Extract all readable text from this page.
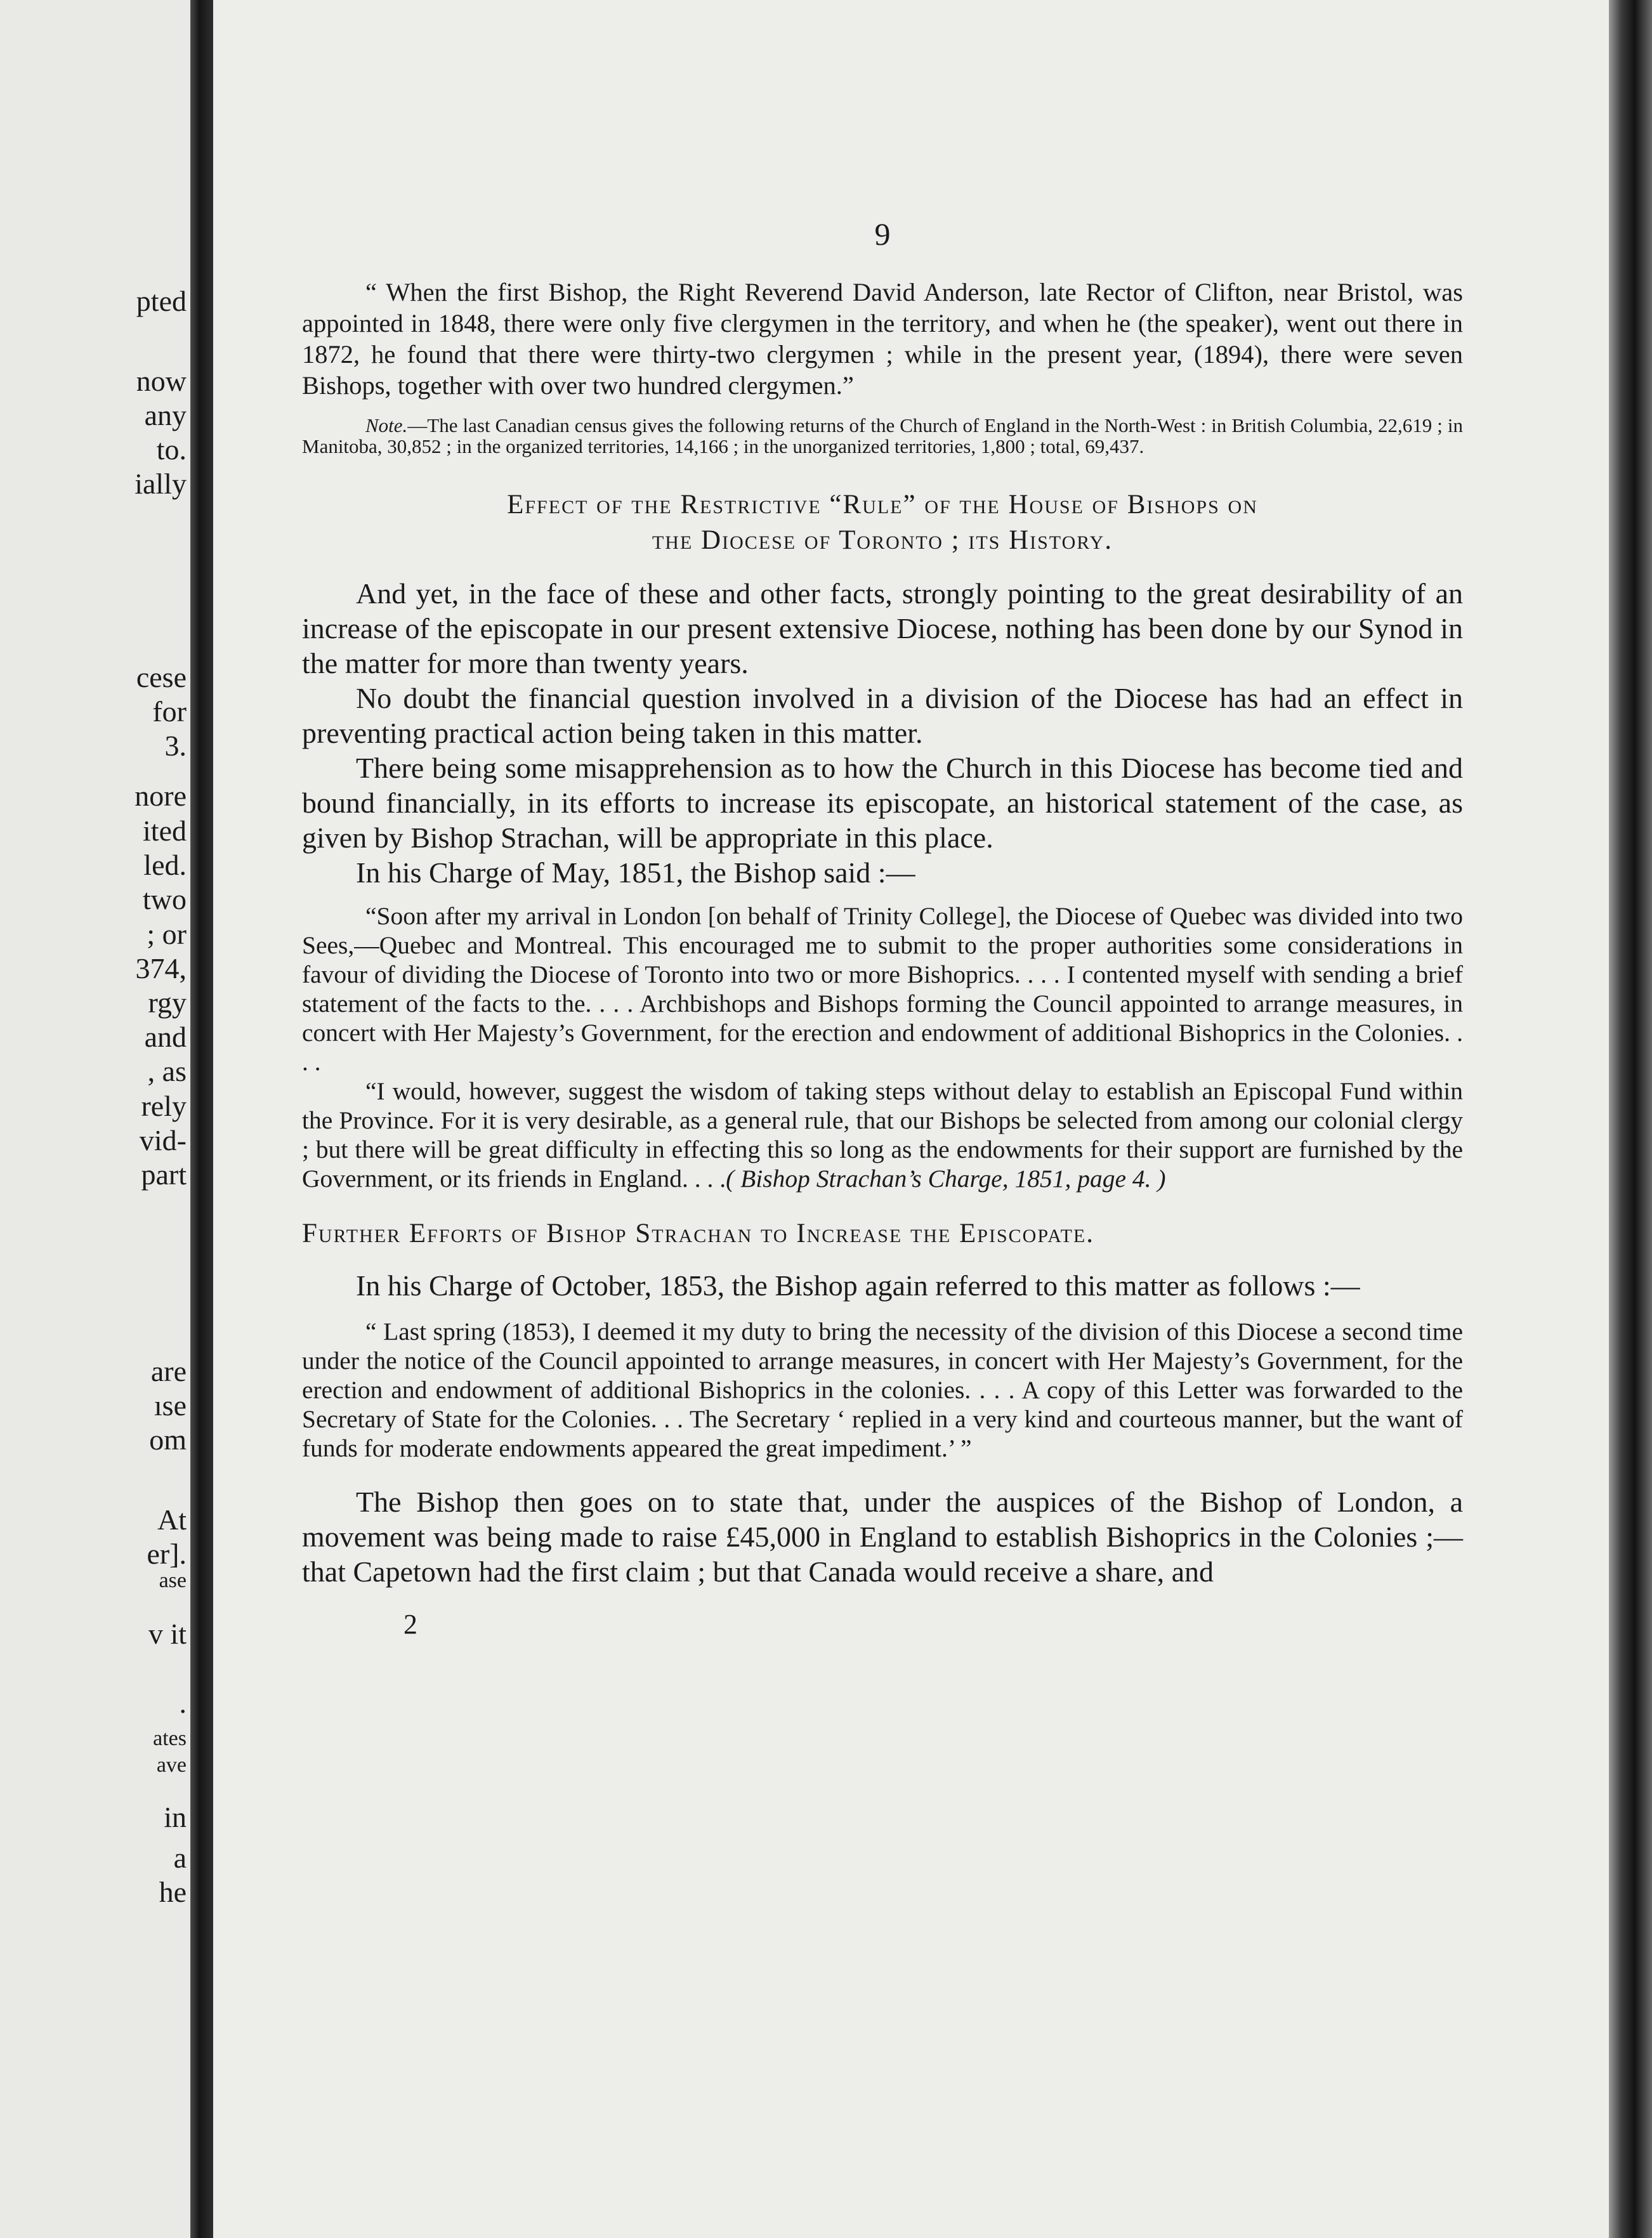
pted
now
any
to.
ially
cese
for
3.
nore
ited
led.
two
; or
374,
rgy
and
, as
rely
vid-
part
are
ıse
om
At
er].
ase
v it
.
ates
ave
in
a
he
9

“ When the first Bishop, the Right Reverend David Anderson, late Rector of Clifton, near Bristol, was appointed in 1848, there were only five clergymen in the territory, and when he (the speaker), went out there in 1872, he found that there were thirty-two clergymen ; while in the present year, (1894), there were seven Bishops, together with over two hundred clergymen.”

Note.—The last Canadian census gives the following returns of the Church of England in the North-West : in British Columbia, 22,619 ; in Manitoba, 30,852 ; in the organized territories, 14,166 ; in the unorganized territories, 1,800 ; total, 69,437.

Effect of the Restrictive “Rule” of the House of Bishops on
the Diocese of Toronto ; its History.

And yet, in the face of these and other facts, strongly pointing to the great desirability of an increase of the episcopate in our present extensive Diocese, nothing has been done by our Synod in the matter for more than twenty years.

No doubt the financial question involved in a division of the Diocese has had an effect in preventing practical action being taken in this matter.

There being some misapprehension as to how the Church in this Diocese has become tied and bound financially, in its efforts to increase its episcopate, an historical statement of the case, as given by Bishop Strachan, will be appropriate in this place.

In his Charge of May, 1851, the Bishop said :—

“Soon after my arrival in London [on behalf of Trinity College], the Diocese of Quebec was divided into two Sees,—Quebec and Montreal. This encouraged me to submit to the proper authorities some considerations in favour of dividing the Diocese of Toronto into two or more Bishoprics. . . . I contented myself with sending a brief statement of the facts to the. . . . Archbishops and Bishops forming the Council appointed to arrange measures, in concert with Her Majesty’s Government, for the erection and endowment of additional Bishoprics in the Colonies. . . .

“I would, however, suggest the wisdom of taking steps without delay to establish an Episcopal Fund within the Province. For it is very desirable, as a general rule, that our Bishops be selected from among our colonial clergy ; but there will be great difficulty in effecting this so long as the endowments for their support are furnished by the Government, or its friends in England. . . .( Bishop Strachan’s Charge, 1851, page 4. )

Further Efforts of Bishop Strachan to Increase the Episcopate.

In his Charge of October, 1853, the Bishop again referred to this matter as follows :—

“ Last spring (1853), I deemed it my duty to bring the necessity of the division of this Diocese a second time under the notice of the Council appointed to arrange measures, in concert with Her Majesty’s Government, for the erection and endowment of additional Bishoprics in the colonies. . . . A copy of this Letter was forwarded to the Secretary of State for the Colonies. . . The Secretary ‘ replied in a very kind and courteous manner, but the want of funds for moderate endowments appeared the great impediment.’ ”

The Bishop then goes on to state that, under the auspices of the Bishop of London, a movement was being made to raise £45,000 in England to establish Bishoprics in the Colonies ;—that Capetown had the first claim ; but that Canada would receive a share, and

2
